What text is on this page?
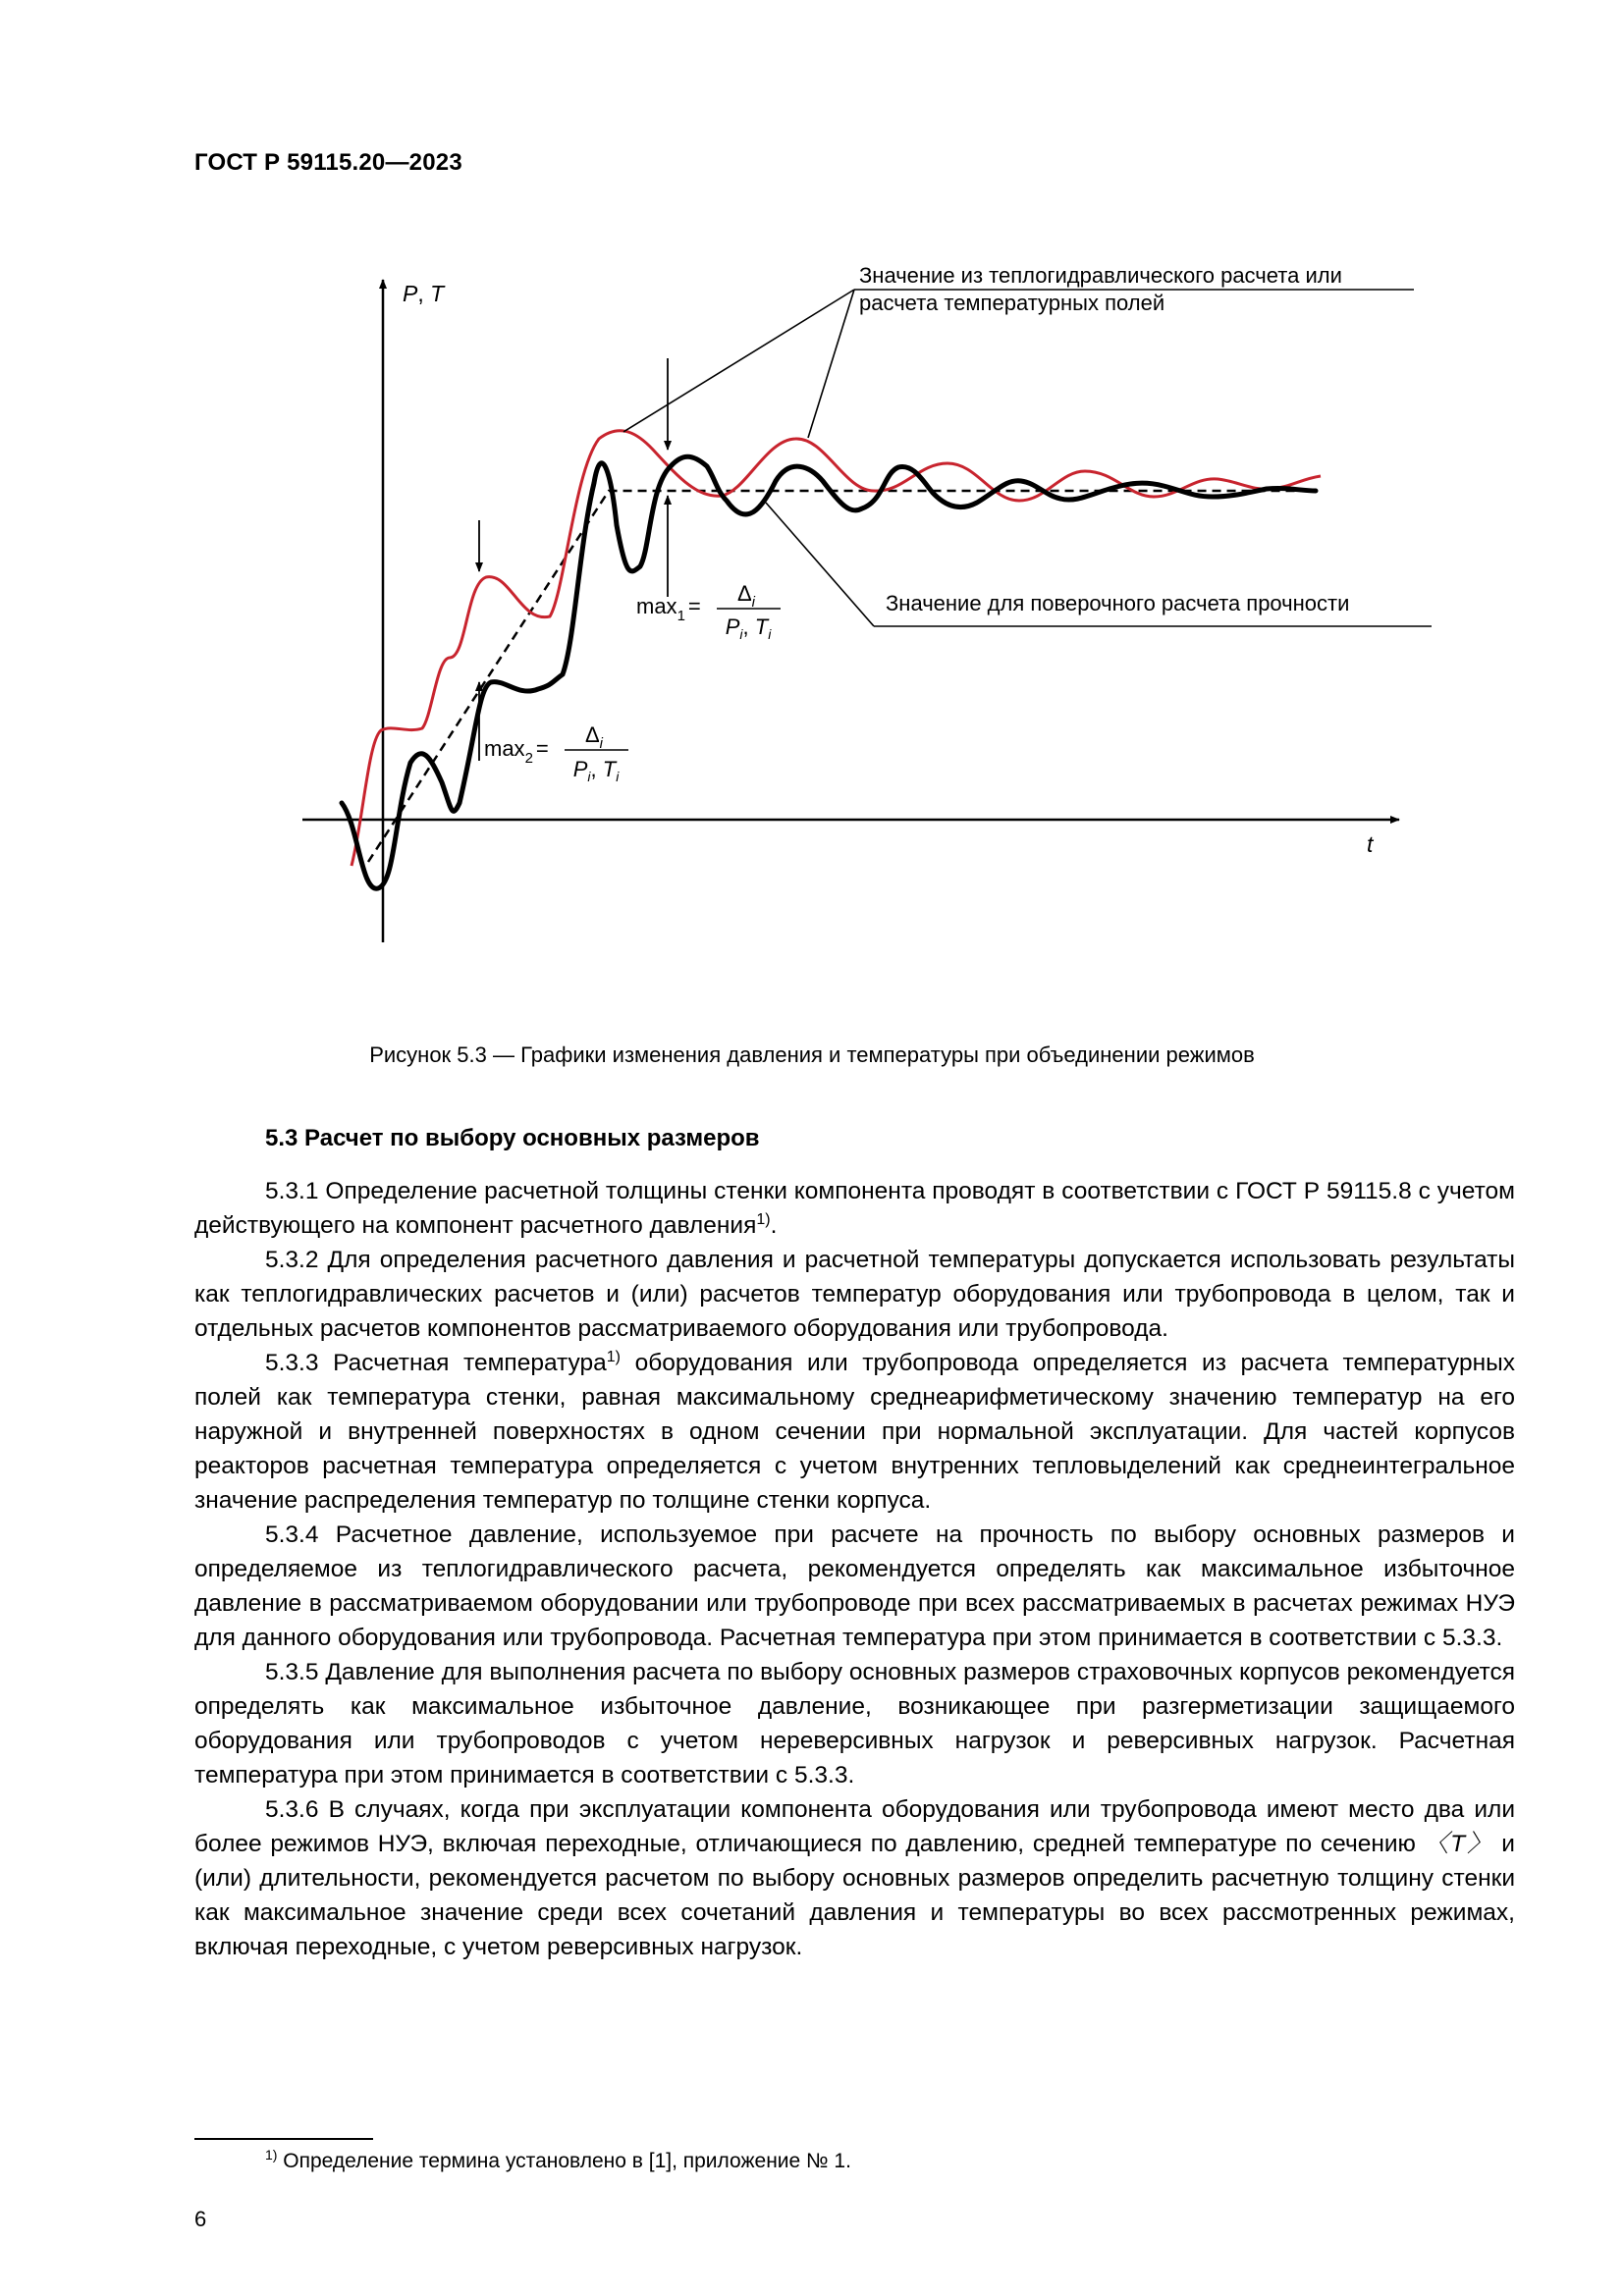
ГОСТ Р 59115.20—2023
P, T
t
$\max_1$ =
$\Delta_i$
$P_i$, $T_i$
$\max_2$ =
$\Delta_i$
$P_i$, $T_i$
Значение из теплогидравлического расчета или
расчета температурных полей
Значение для поверочного расчета прочности
Рисунок 5.3 — Графики изменения давления и температуры при объединении режимов
5.3 Расчет по выбору основных размеров

5.3.1 Определение расчетной толщины стенки компонента проводят в соответствии с ГОСТ Р 59115.8 с учетом действующего на компонент расчетного давления$^{1)}$.

5.3.2 Для определения расчетного давления и расчетной температуры допускается использовать результаты как теплогидравлических расчетов и (или) расчетов температур оборудования или трубопровода в целом, так и отдельных расчетов компонентов рассматриваемого оборудования или трубопровода.

5.3.3 Расчетная температура$^{1)}$ оборудования или трубопровода определяется из расчета температурных полей как температура стенки, равная максимальному среднеарифметическому значению температур на его наружной и внутренней поверхностях в одном сечении при нормальной эксплуатации. Для частей корпусов реакторов расчетная температура определяется с учетом внутренних тепловыделений как среднеинтегральное значение распределения температур по толщине стенки корпуса.

5.3.4 Расчетное давление, используемое при расчете на прочность по выбору основных размеров и определяемое из теплогидравлического расчета, рекомендуется определять как максимальное избыточное давление в рассматриваемом оборудовании или трубопроводе при всех рассматриваемых в расчетах режимах НУЭ для данного оборудования или трубопровода. Расчетная температура при этом принимается в соответствии с 5.3.3.

5.3.5 Давление для выполнения расчета по выбору основных размеров страховочных корпусов рекомендуется определять как максимальное избыточное давление, возникающее при разгерметизации защищаемого оборудования или трубопроводов с учетом нереверсивных нагрузок и реверсивных нагрузок. Расчетная температура при этом принимается в соответствии с 5.3.3.

5.3.6 В случаях, когда при эксплуатации компонента оборудования или трубопровода имеют место два или более режимов НУЭ, включая переходные, отличающиеся по давлению, средней температуре по сечению 〈T〉 и (или) длительности, рекомендуется расчетом по выбору основных размеров определить расчетную толщину стенки как максимальное значение среди всех сочетаний давления и температуры во всех рассмотренных режимах, включая переходные, с учетом реверсивных нагрузок.

$^{1)}$ Определение термина установлено в [1], приложение № 1.
6
